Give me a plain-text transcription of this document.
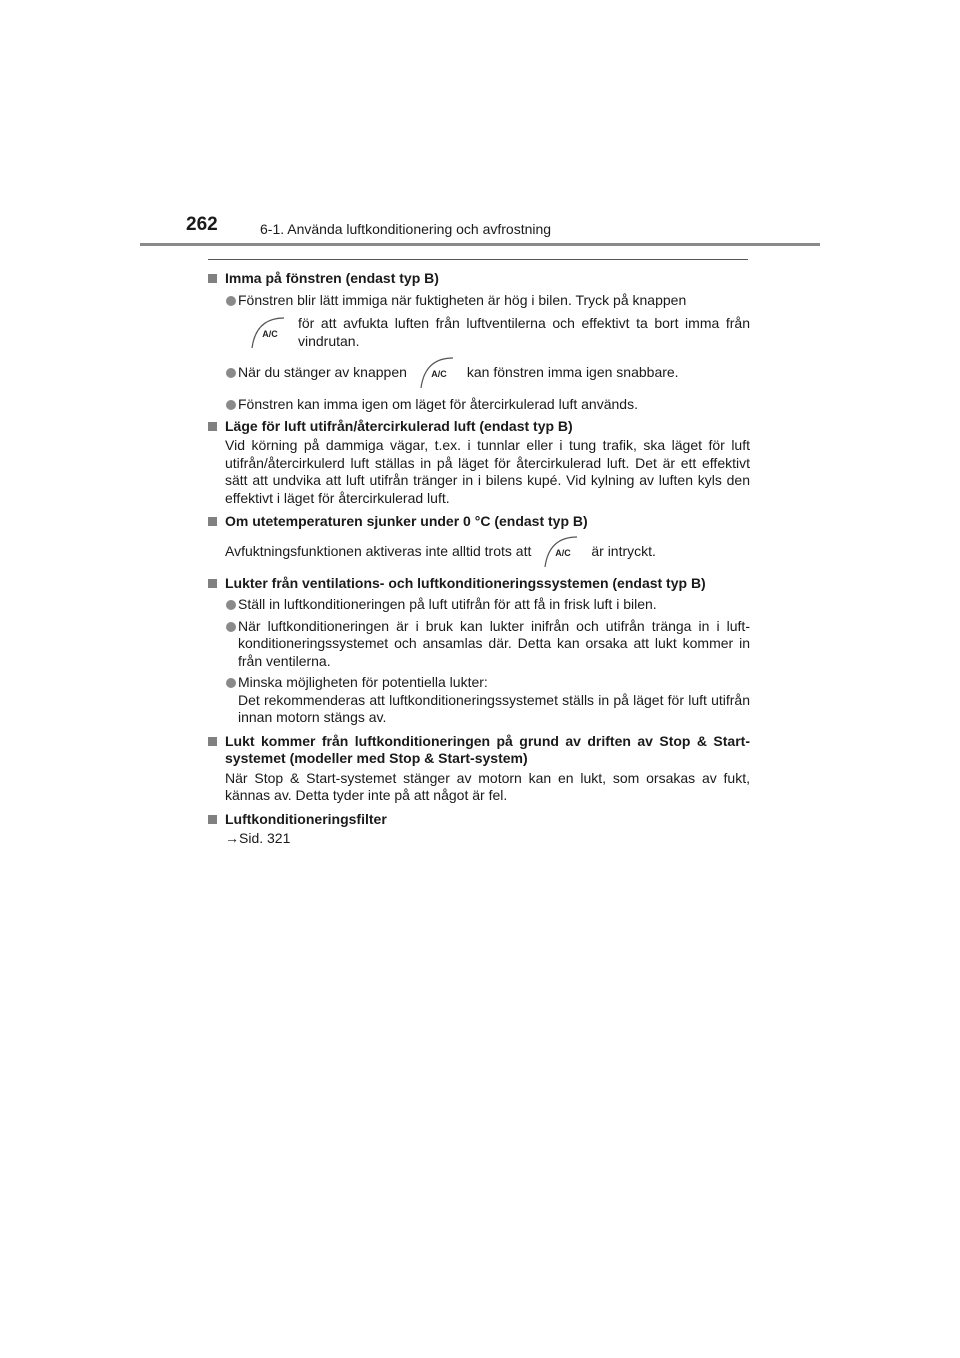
262	6-1. Använda luftkonditionering och avfrostning
Imma på fönstren (endast typ B)
Fönstren blir lätt immiga när fuktigheten är hög i bilen. Tryck på knappen
A/C
för att avfukta luften från luftventilerna och effektivt ta bort imma från vindrutan.
När du stänger av knappen	A/C kan fönstren imma igen snabbare.
Fönstren kan imma igen om läget för återcirkulerad luft används.
Läge för luft utifrån/återcirkulerad luft (endast typ B)
Vid körning på dammiga vägar, t.ex. i tunnlar eller i tung trafik, ska läget för luft utifrån/återcirkulerd luft ställas in på läget för återcirkulerad luft. Det är ett effektivt sätt att undvika att luft utifrån tränger in i bilens kupé. Vid kylning av luften kyls den effektivt i läget för återcirkulerad luft.
Om utetemperaturen sjunker under 0 °C (endast typ B)
Avfuktningsfunktionen aktiveras inte alltid trots att	A/C är intryckt.
Lukter från ventilations- och luftkonditioneringssystemen (endast typ B)
Ställ in luftkonditioneringen på luft utifrån för att få in frisk luft i bilen.
När luftkonditioneringen är i bruk kan lukter inifrån och utifrån tränga in i luft-konditioneringssystemet och ansamlas där. Detta kan orsaka att lukt kommer in från ventilerna.
Minska möjligheten för potentiella lukter:
Det rekommenderas att luftkonditioneringssystemet ställs in på läget för luft utifrån innan motorn stängs av.
Lukt kommer från luftkonditioneringen på grund av driften av Stop & Start-systemet (modeller med Stop & Start-system)
När Stop & Start-systemet stänger av motorn kan en lukt, som orsakas av fukt, kännas av. Detta tyder inte på att något är fel.
Luftkonditioneringsfilter
→Sid. 321
